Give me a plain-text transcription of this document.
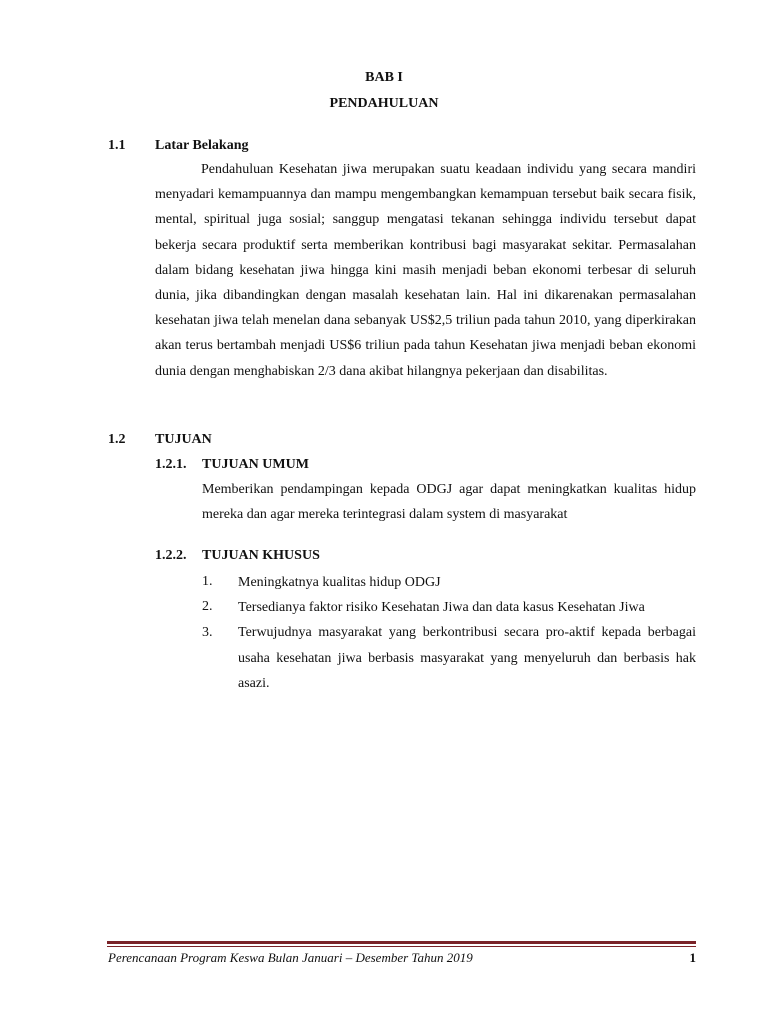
BAB I
PENDAHULUAN
1.1 Latar Belakang
Pendahuluan Kesehatan jiwa merupakan suatu keadaan individu yang secara mandiri menyadari kemampuannya dan mampu mengembangkan kemampuan tersebut baik secara fisik, mental, spiritual juga sosial; sanggup mengatasi tekanan sehingga individu tersebut dapat bekerja secara produktif serta memberikan kontribusi bagi masyarakat sekitar. Permasalahan dalam bidang kesehatan jiwa hingga kini masih menjadi beban ekonomi terbesar di seluruh dunia, jika dibandingkan dengan masalah kesehatan lain. Hal ini dikarenakan permasalahan kesehatan jiwa telah menelan dana sebanyak US$2,5 triliun pada tahun 2010, yang diperkirakan akan terus bertambah menjadi US$6 triliun pada tahun Kesehatan jiwa menjadi beban ekonomi dunia dengan menghabiskan 2/3 dana akibat hilangnya pekerjaan dan disabilitas.
1.2 TUJUAN
1.2.1. TUJUAN UMUM
Memberikan pendampingan kepada ODGJ agar dapat meningkatkan kualitas hidup mereka dan agar mereka terintegrasi dalam system di masyarakat
1.2.2. TUJUAN KHUSUS
1. Meningkatnya kualitas hidup ODGJ
2. Tersedianya faktor risiko Kesehatan Jiwa dan data kasus Kesehatan Jiwa
3. Terwujudnya masyarakat yang berkontribusi secara pro-aktif kepada berbagai usaha kesehatan jiwa berbasis masyarakat yang menyeluruh dan berbasis hak asazi.
Perencanaan Program Keswa Bulan Januari – Desember Tahun 2019	1
